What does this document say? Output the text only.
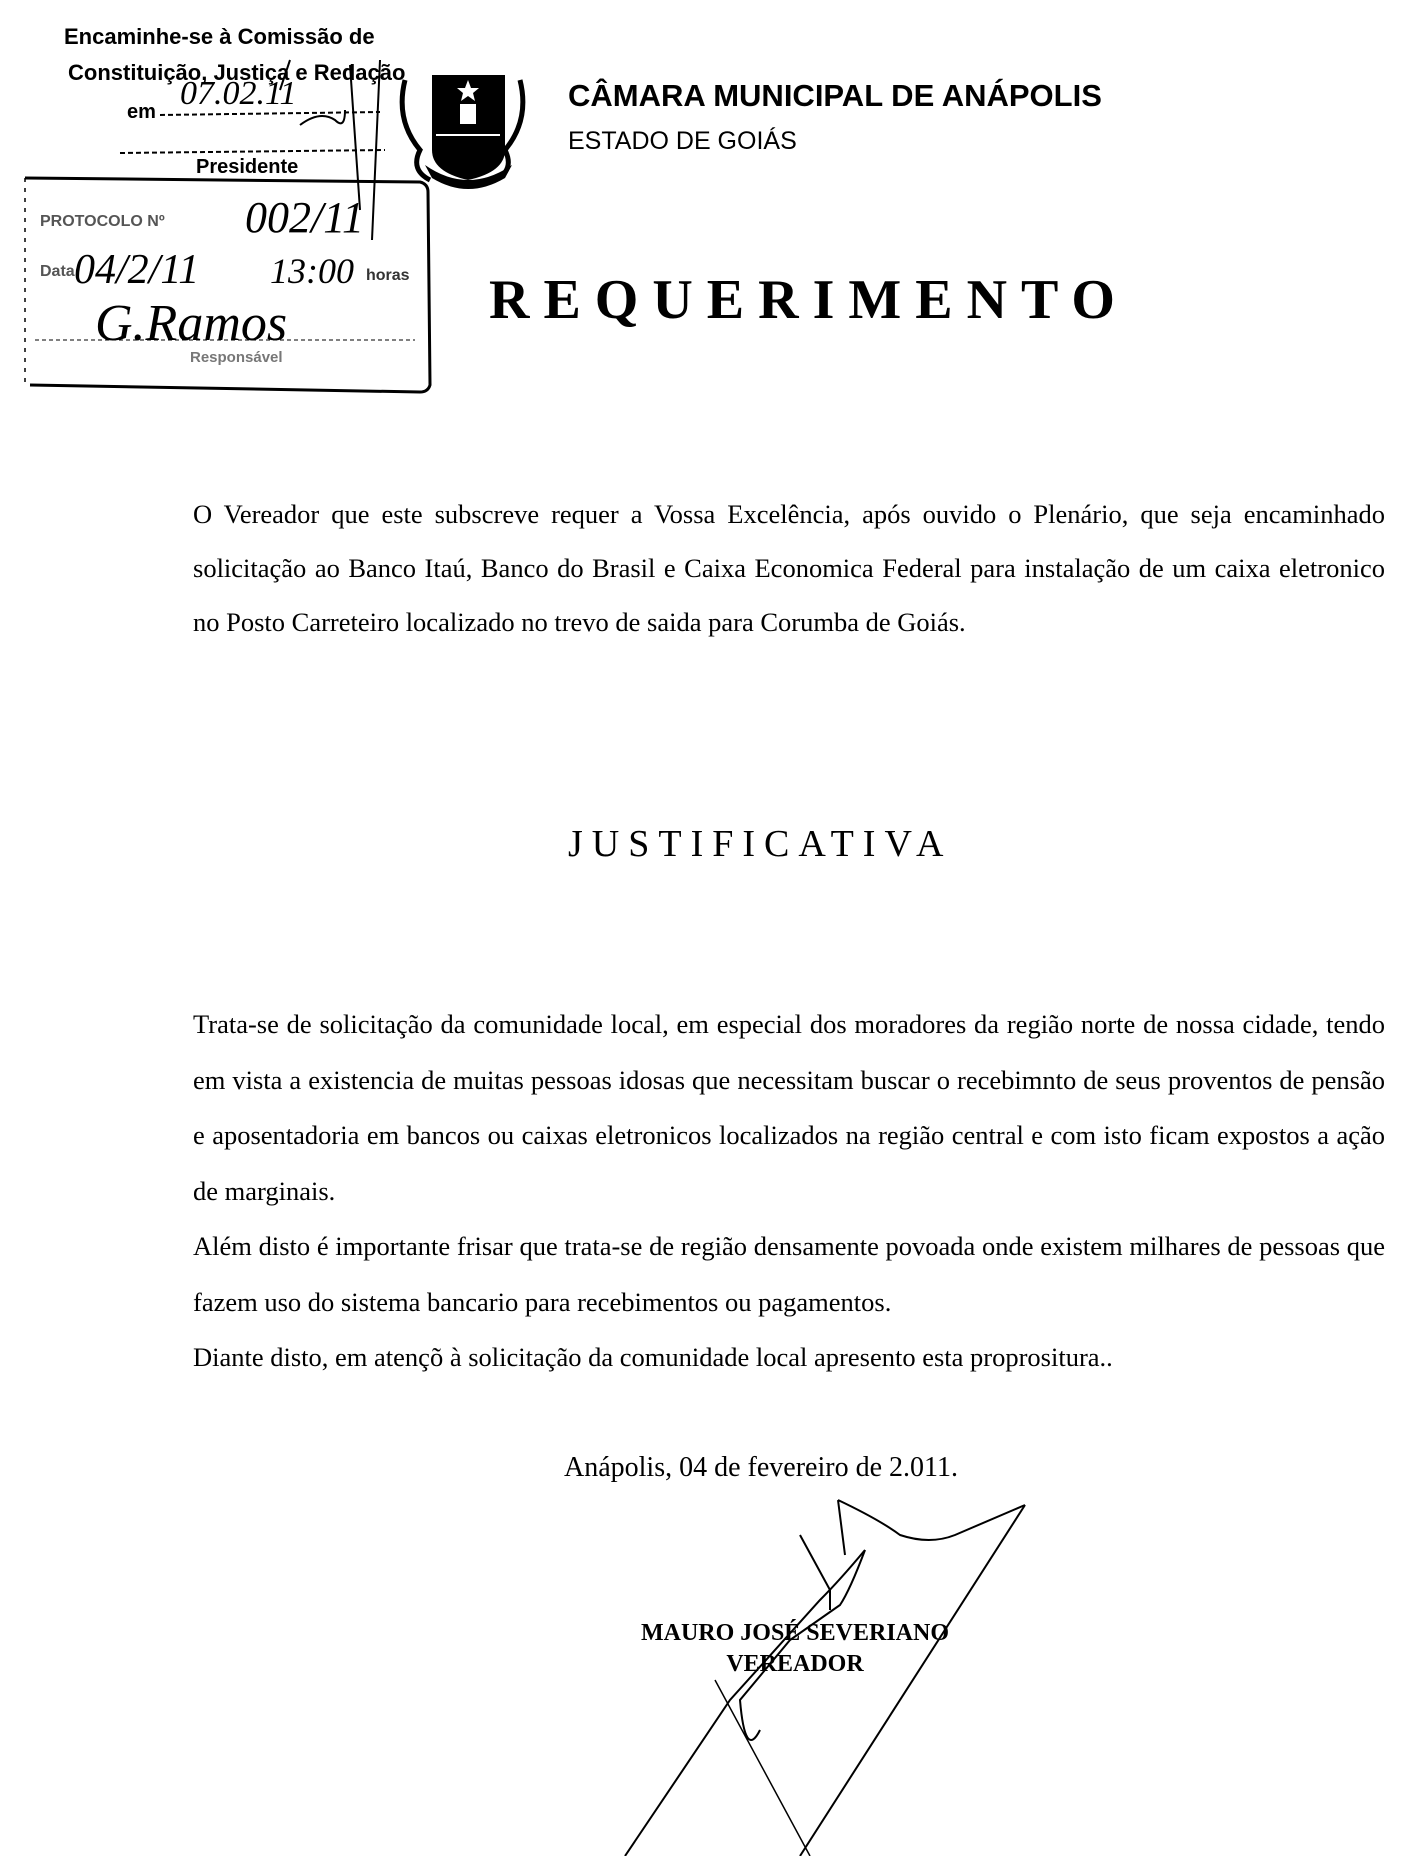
Encaminhe-se à Comissão de
Constituição, Justiça e Redação
em 07.02.11
Presidente
PROTOCOLO Nº 002/11
Data 04/2/11 13:00 horas
G.Ramos
Responsável
CÂMARA MUNICIPAL DE ANÁPOLIS
ESTADO DE GOIÁS
REQUERIMENTO

O Vereador que este subscreve requer a Vossa Excelência, após ouvido o Plenário, que seja encaminhado solicitação ao Banco Itaú, Banco do Brasil e Caixa Economica Federal para instalação de um caixa eletronico no Posto Carreteiro localizado no trevo de saida para Corumba de Goiás.

JUSTIFICATIVA

Trata-se de solicitação da comunidade local, em especial dos moradores da região norte de nossa cidade, tendo em vista a existencia de muitas pessoas idosas que necessitam buscar o recebimnto de seus proventos de pensão e aposentadoria em bancos ou caixas eletronicos localizados na região central e com isto ficam expostos a ação de marginais.

Além disto é importante frisar que trata-se de região densamente povoada onde existem milhares de pessoas que fazem uso do sistema bancario para recebimentos ou pagamentos.

Diante disto, em atençõ à solicitação da comunidade local apresento esta proprositura..

Anápolis, 04 de fevereiro de 2.011.
MAURO JOSÉ SEVERIANO
VEREADOR
